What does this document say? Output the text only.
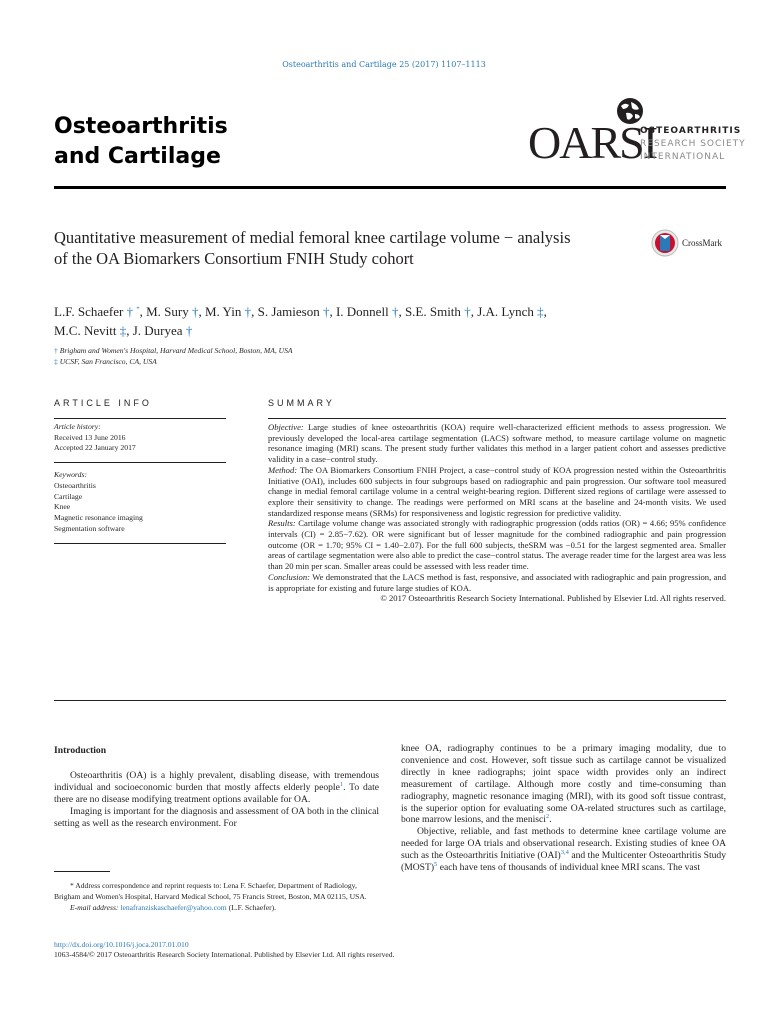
Osteoarthritis and Cartilage 25 (2017) 1107–1113
Osteoarthritis
and Cartilage	OARSI
OSTEOARTHRITIS
RESEARCH SOCIETY
INTERNATIONAL
Quantitative measurement of medial femoral knee cartilage volume − analysis of the OA Biomarkers Consortium FNIH Study cohort
CrossMark
L.F. Schaefer † *, M. Sury †, M. Yin †, S. Jamieson †, I. Donnell †, S.E. Smith †, J.A. Lynch ‡,
M.C. Nevitt ‡, J. Duryea †
† Brigham and Women's Hospital, Harvard Medical School, Boston, MA, USA
‡ UCSF, San Francisco, CA, USA
ARTICLE INFO	SUMMARY
Article history:
Received 13 June 2016
Accepted 22 January 2017
Keywords:
Osteoarthritis
Cartilage
Knee
Magnetic resonance imaging
Segmentation software

Objective: Large studies of knee osteoarthritis (KOA) require well-characterized efficient methods to assess progression. We previously developed the local-area cartilage segmentation (LACS) software method, to measure cartilage volume on magnetic resonance imaging (MRI) scans. The present study further validates this method in a larger patient cohort and assesses predictive validity in a case−control study.

Method: The OA Biomarkers Consortium FNIH Project, a case−control study of KOA progression nested within the Osteoarthritis Initiative (OAI), includes 600 subjects in four subgroups based on radiographic and pain progression. Our software tool measured change in medial femoral cartilage volume in a central weight-bearing region. Different sized regions of cartilage were assessed to explore their sensitivity to change. The readings were performed on MRI scans at the baseline and 24-month visits. We used standardized response means (SRMs) for responsiveness and logistic regression for predictive validity.

Results: Cartilage volume change was associated strongly with radiographic progression (odds ratios (OR) = 4.66; 95% confidence intervals (CI) = 2.85−7.62). OR were significant but of lesser magnitude for the combined radiographic and pain progression outcome (OR = 1.70; 95% CI = 1.40−2.07). For the full 600 subjects, theSRM was −0.51 for the largest segmented area. Smaller areas of cartilage segmentation were also able to predict the case−control status. The average reader time for the largest area was less than 20 min per scan. Smaller areas could be assessed with less reader time.

Conclusion: We demonstrated that the LACS method is fast, responsive, and associated with radiographic and pain progression, and is appropriate for existing and future large studies of KOA.

© 2017 Osteoarthritis Research Society International. Published by Elsevier Ltd. All rights reserved.

Introduction

Osteoarthritis (OA) is a highly prevalent, disabling disease, with tremendous individual and socioeconomic burden that mostly affects elderly people$^1$. To date there are no disease modifying treatment options available for OA.

Imaging is important for the diagnosis and assessment of OA both in the clinical setting as well as the research environment. For

knee OA, radiography continues to be a primary imaging modality, due to convenience and cost. However, soft tissue such as cartilage cannot be visualized directly in knee radiographs; joint space width provides only an indirect measurement of cartilage. Although more costly and time-consuming than radiography, magnetic resonance imaging (MRI), with its good soft tissue contrast, is the superior option for evaluating some OA-related structures such as cartilage, bone marrow lesions, and the menisci$^2$.

Objective, reliable, and fast methods to determine knee cartilage volume are needed for large OA trials and observational research. Existing studies of knee OA such as the Osteoarthritis Initiative (OAI)$^{3,4}$ and the Multicenter Osteoarthritis Study (MOST)$^5$ each have tens of thousands of individual knee MRI scans. The vast

* Address correspondence and reprint requests to: Lena F. Schaefer, Department of Radiology, Brigham and Women's Hospital, Harvard Medical School, 75 Francis Street, Boston, MA 02115, USA.

E-mail address: lenafranziskaschaefer@yahoo.com (L.F. Schaefer).

http://dx.doi.org/10.1016/j.joca.2017.01.010
1063-4584/© 2017 Osteoarthritis Research Society International. Published by Elsevier Ltd. All rights reserved.
